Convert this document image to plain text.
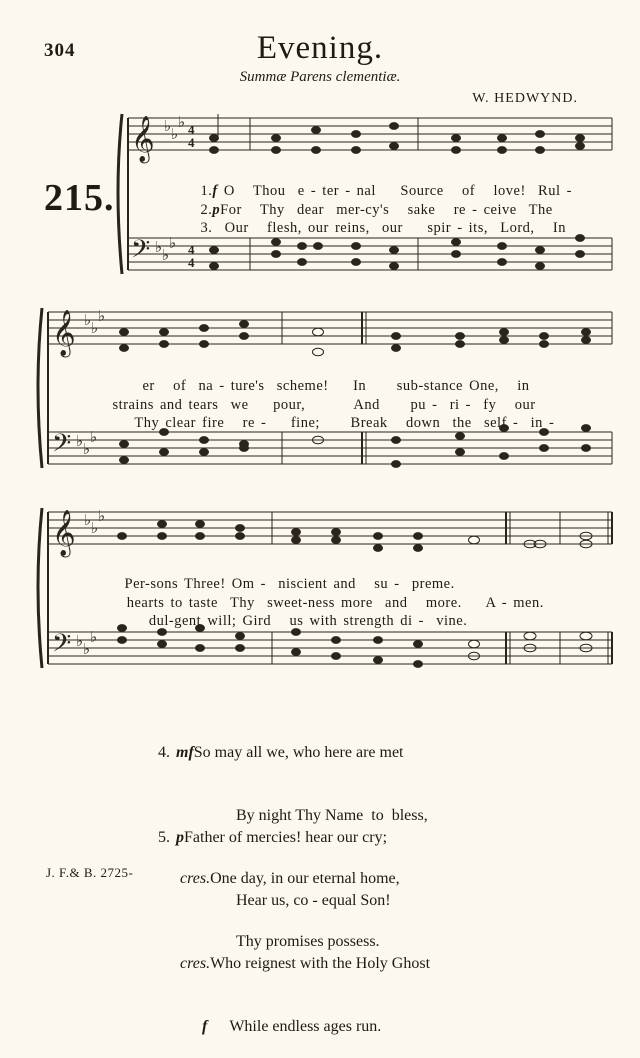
304	Evening.
Summæ Parens clementiæ.
W. HEDWYND.
215.
𝄞
𝄢
♭ ♭
♭
♭ ♭
♭
4
4
4
4

1.f O   Thou  e - ter - nal    Source   of   love!  Rul -

2.pFor   Thy  dear  mer-cy's   sake   re - ceive  The

3.  Our   flesh, our reins,  our    spir - its,  Lord,   In

𝄞
𝄢
♭ ♭
♭
♭ ♭
♭

er   of  na - ture's  scheme!    In     sub-stance One,   in

strains and tears  we    pour,        And     pu -  ri -  fy   our

Thy clear fire   re -    fine;     Break   down  the  self -  in -

𝄞
𝄢
♭ ♭
♭
♭ ♭
♭

Per-sons Three! Om -  niscient and   su -  preme.

hearts to taste  Thy  sweet-ness more  and   more.    A - men.

dul-gent will; Gird   us with strength di -  vine.

4. mfSo may all we, who here are met

By night Thy Name  to  bless,

cres.One day, in our eternal home,

Thy promises possess.

5. pFather of mercies! hear our cry;

Hear us, co - equal Son!

cres.Who reignest with the Holy Ghost

f While endless ages run.

J. F.& B. 2725-
